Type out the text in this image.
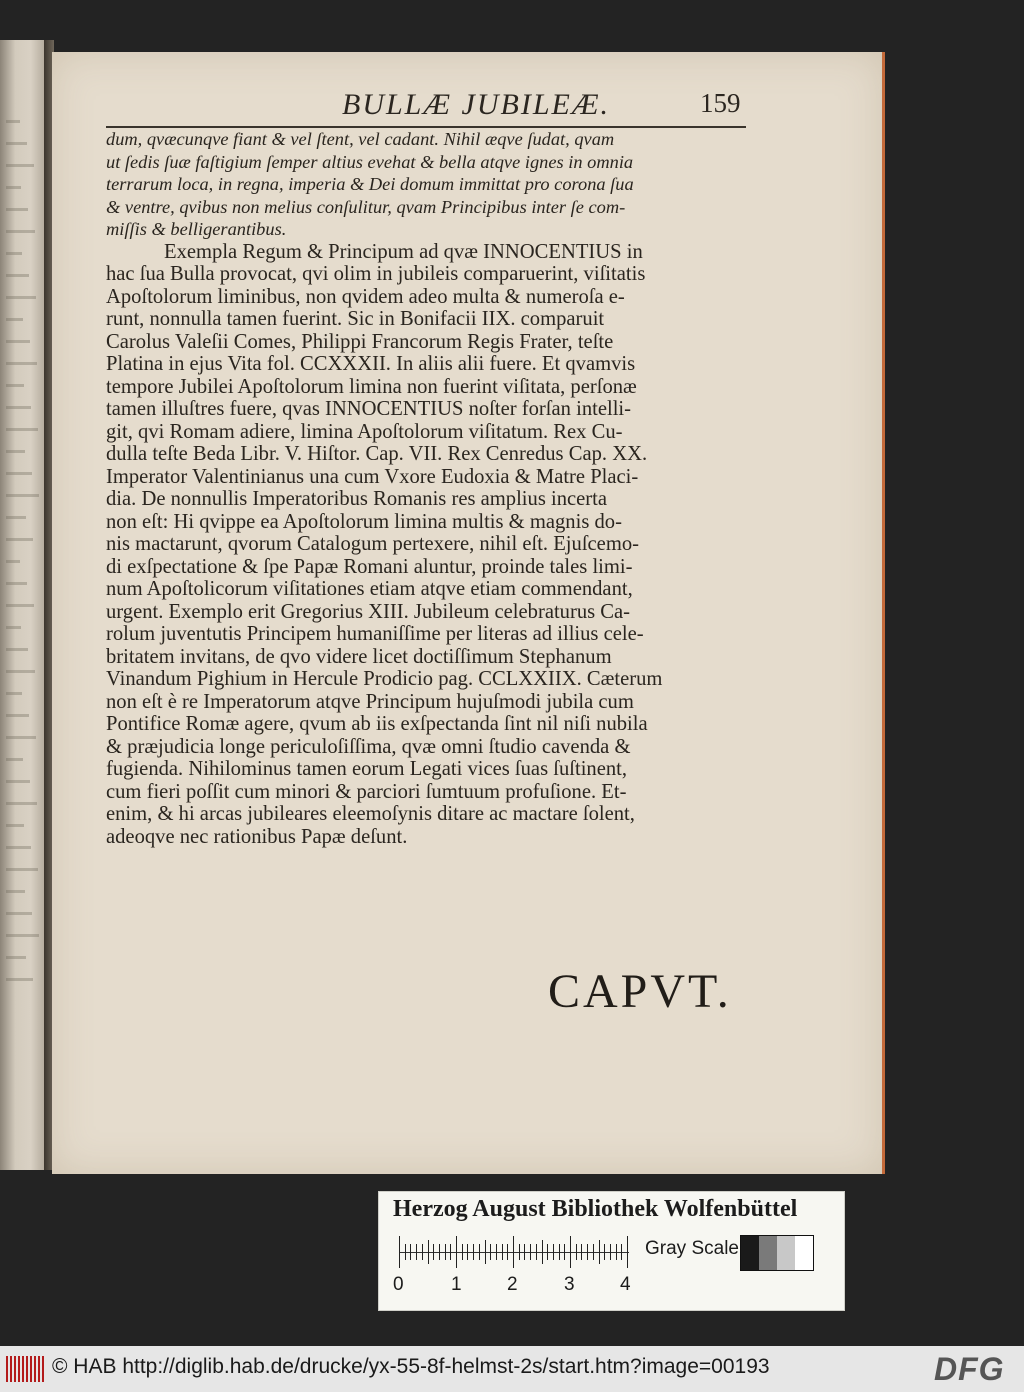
BULLÆ JUBILEÆ.	159
dum, qvæcunqve fiant & vel ſtent, vel cadant. Nihil æqve ſudat, qvam
ut ſedis ſuæ faſtigium ſemper altius evehat & bella atqve ignes in omnia
terrarum loca, in regna, imperia & Dei domum immittat pro corona ſua
& ventre, qvibus non melius conſulitur, qvam Principibus inter ſe com-
miſſis & belligerantibus.
Exempla Regum & Principum ad qvæ INNOCENTIUS in
hac ſua Bulla provocat, qvi olim in jubileis comparuerint, viſitatis
Apoſtolorum liminibus, non qvidem adeo multa & numeroſa e-
runt, nonnulla tamen fuerint. Sic in Bonifacii IIX. comparuit
Carolus Valeſii Comes, Philippi Francorum Regis Frater, teſte
Platina in ejus Vita fol. CCXXXII. In aliis alii fuere. Et qvamvis
tempore Jubilei Apoſtolorum limina non fuerint viſitata, perſonæ
tamen illuſtres fuere, qvas INNOCENTIUS noſter forſan intelli-
git, qvi Romam adiere, limina Apoſtolorum viſitatum. Rex Cu-
dulla teſte Beda Libr. V. Hiſtor. Cap. VII. Rex Cenredus Cap. XX.
Imperator Valentinianus una cum Vxore Eudoxia & Matre Placi-
dia. De nonnullis Imperatoribus Romanis res amplius incerta
non eſt: Hi qvippe ea Apoſtolorum limina multis & magnis do-
nis mactarunt, qvorum Catalogum pertexere, nihil eſt. Ejuſcemo-
di exſpectatione & ſpe Papæ Romani aluntur, proinde tales limi-
num Apoſtolicorum viſitationes etiam atqve etiam commendant,
urgent. Exemplo erit Gregorius XIII. Jubileum celebraturus Ca-
rolum juventutis Principem humaniſſime per literas ad illius cele-
britatem invitans, de qvo videre licet doctiſſimum Stephanum
Vinandum Pighium in Hercule Prodicio pag. CCLXXIIX. Cæterum
non eſt è re Imperatorum atqve Principum hujuſmodi jubila cum
Pontifice Romæ agere, qvum ab iis exſpectanda ſint nil niſi nubila
& præjudicia longe periculoſiſſima, qvæ omni ſtudio cavenda &
fugienda. Nihilominus tamen eorum Legati vices ſuas ſuſtinent,
cum fieri poſſit cum minori & parciori ſumtuum profuſione. Et-
enim, & hi arcas jubileares eleemoſynis ditare ac mactare ſolent,
adeoqve nec rationibus Papæ deſunt.
CAPVT.
Herzog August Bibliothek Wolfenbüttel
0 1 2 3 4
Gray Scale
© HAB http://diglib.hab.de/drucke/yx-55-8f-helmst-2s/start.htm?image=00193	DFG
